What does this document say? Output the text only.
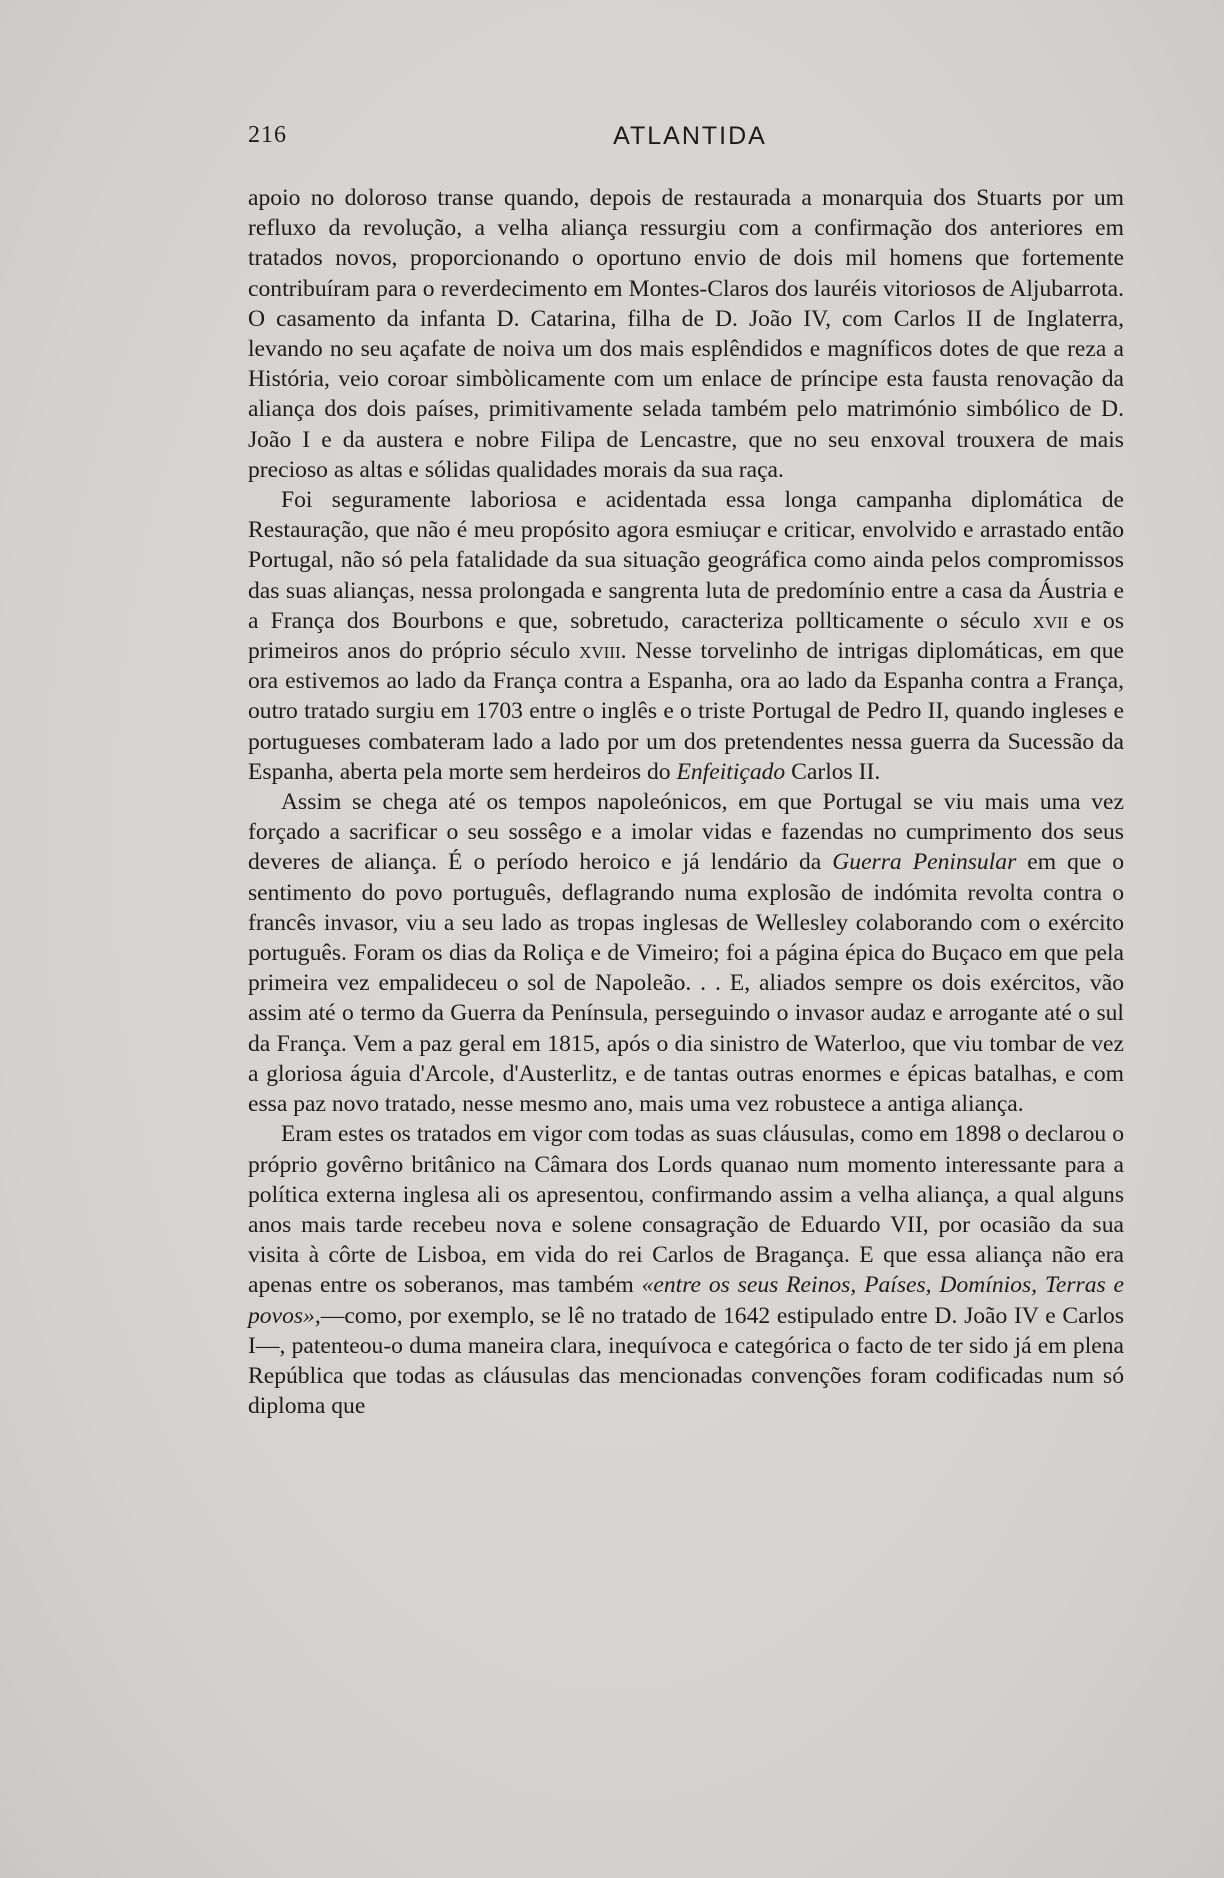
216	ATLANTIDA

apoio no doloroso transe quando, depois de restaurada a monarquia dos Stuarts por um refluxo da revolução, a velha aliança ressurgiu com a confirmação dos anteriores em tratados novos, proporcionando o oportuno envio de dois mil homens que fortemente contribuíram para o reverdecimento em Montes-Claros dos lauréis vitoriosos de Aljubarrota. O casamento da infanta D. Catarina, filha de D. João IV, com Carlos II de Inglaterra, levando no seu açafate de noiva um dos mais esplêndidos e magníficos dotes de que reza a História, veio coroar simbòlicamente com um enlace de príncipe esta fausta renovação da aliança dos dois países, primitivamente selada também pelo matrimónio simbólico de D. João I e da austera e nobre Filipa de Lencastre, que no seu enxoval trouxera de mais precioso as altas e sólidas qualidades morais da sua raça.

Foi seguramente laboriosa e acidentada essa longa campanha diplomática de Restauração, que não é meu propósito agora esmiuçar e criticar, envolvido e arrastado então Portugal, não só pela fatalidade da sua situação geográfica como ainda pelos compromissos das suas alianças, nessa prolongada e sangrenta luta de predomínio entre a casa da Áustria e a França dos Bourbons e que, sobretudo, caracteriza pollticamente o século xvii e os primeiros anos do próprio século xviii. Nesse torvelinho de intrigas diplomáticas, em que ora estivemos ao lado da França contra a Espanha, ora ao lado da Espanha contra a França, outro tratado surgiu em 1703 entre o inglês e o triste Portugal de Pedro II, quando ingleses e portugueses combateram lado a lado por um dos pretendentes nessa guerra da Sucessão da Espanha, aberta pela morte sem herdeiros do Enfeitiçado Carlos II.

Assim se chega até os tempos napoleónicos, em que Portugal se viu mais uma vez forçado a sacrificar o seu sossêgo e a imolar vidas e fazendas no cumprimento dos seus deveres de aliança. É o período heroico e já lendário da Guerra Peninsular em que o sentimento do povo português, deflagrando numa explosão de indómita revolta contra o francês invasor, viu a seu lado as tropas inglesas de Wellesley colaborando com o exército português. Foram os dias da Roliça e de Vimeiro; foi a página épica do Buçaco em que pela primeira vez empalideceu o sol de Napoleão. . . E, aliados sempre os dois exércitos, vão assim até o termo da Guerra da Península, perseguindo o invasor audaz e arrogante até o sul da França. Vem a paz geral em 1815, após o dia sinistro de Waterloo, que viu tombar de vez a gloriosa águia d'Arcole, d'Austerlitz, e de tantas outras enormes e épicas batalhas, e com essa paz novo tratado, nesse mesmo ano, mais uma vez robustece a antiga aliança.

Eram estes os tratados em vigor com todas as suas cláusulas, como em 1898 o declarou o próprio govêrno britânico na Câmara dos Lords quanao num momento interessante para a política externa inglesa ali os apresentou, confirmando assim a velha aliança, a qual alguns anos mais tarde recebeu nova e solene consagração de Eduardo VII, por ocasião da sua visita à côrte de Lisboa, em vida do rei Carlos de Bragança. E que essa aliança não era apenas entre os soberanos, mas também «entre os seus Reinos, Países, Domínios, Terras e povos»,—como, por exemplo, se lê no tratado de 1642 estipulado entre D. João IV e Carlos I—, patenteou-o duma maneira clara, inequívoca e categórica o facto de ter sido já em plena República que todas as cláusulas das mencionadas convenções foram codificadas num só diploma que
